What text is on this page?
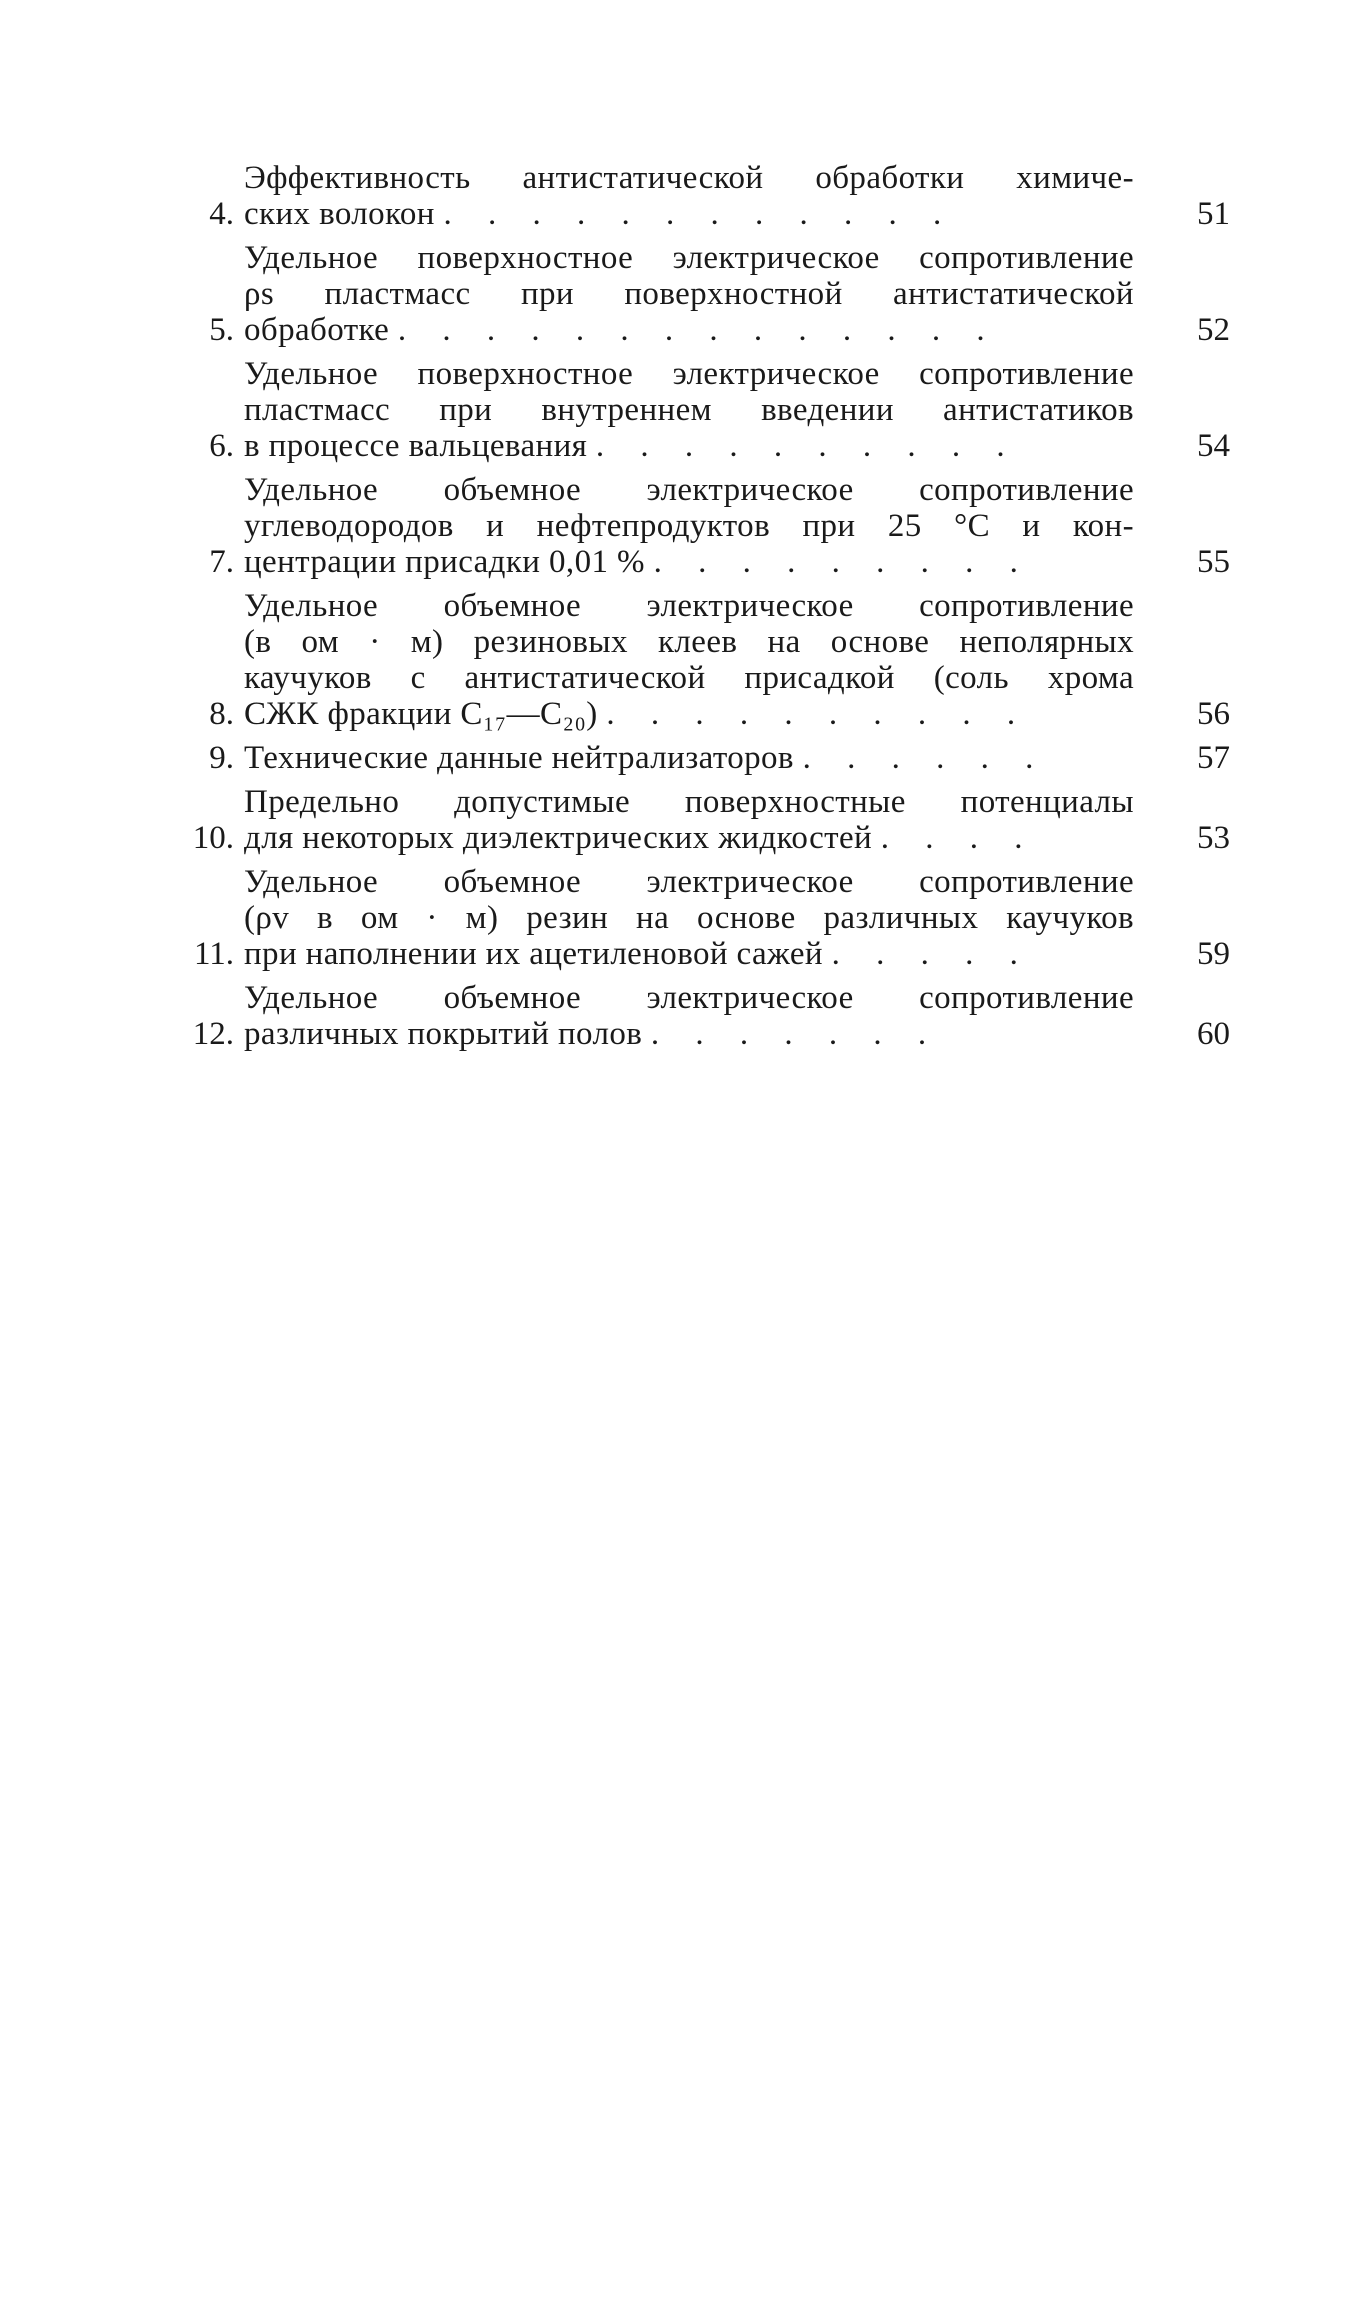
4.
Эффективность антистатической обработки химиче-
ских волокон . . . . . . . . . . . .	51
5.
Удельное поверхностное электрическое сопротивление
ρs пластмасс при поверхностной антистатической
обработке . . . . . . . . . . . . . .	52
6.
Удельное поверхностное электрическое сопротивление
пластмасс при внутреннем введении антистатиков
в процессе вальцевания . . . . . . . . . .	54
7.
Удельное объемное электрическое сопротивление
углеводородов и нефтепродуктов при 25 °С и кон-
центрации присадки 0,01 % . . . . . . . . .	55
8.
Удельное объемное электрическое сопротивление
(в ом · м) резиновых клеев на основе неполярных
каучуков с антистатической присадкой (соль хрома
СЖК фракции C₁₇—C₂₀) . . . . . . . . . .	56
9. Технические данные нейтрализаторов . . . . . .	57
10.
Предельно допустимые поверхностные потенциалы
для некоторых диэлектрических жидкостей . . . .	53
11.
Удельное объемное электрическое сопротивление
(ρv в ом · м) резин на основе различных каучуков
при наполнении их ацетиленовой сажей . . . . .	59
12.
Удельное объемное электрическое сопротивление
различных покрытий полов . . . . . . .	60
